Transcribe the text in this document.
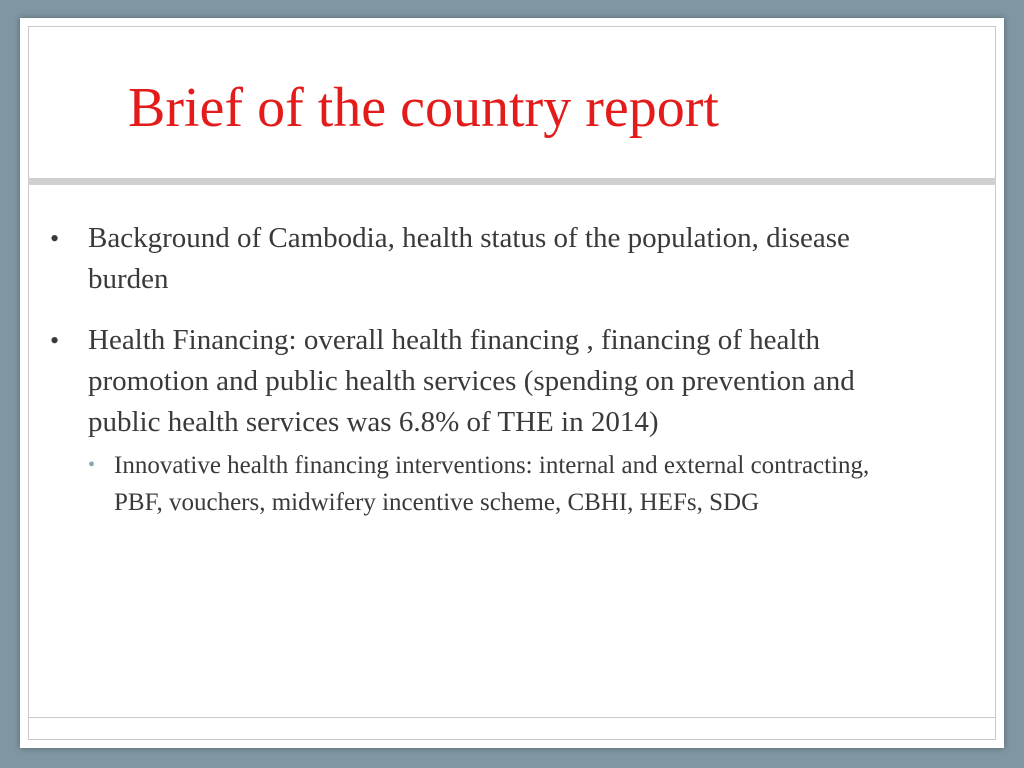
Brief of the country report
• Background of Cambodia, health status of the population, disease burden
• Health Financing: overall health financing , financing of health promotion and public health services (spending on prevention and public health services was 6.8% of THE in 2014)
• Innovative health financing interventions: internal and external contracting, PBF, vouchers, midwifery incentive scheme, CBHI, HEFs, SDG
